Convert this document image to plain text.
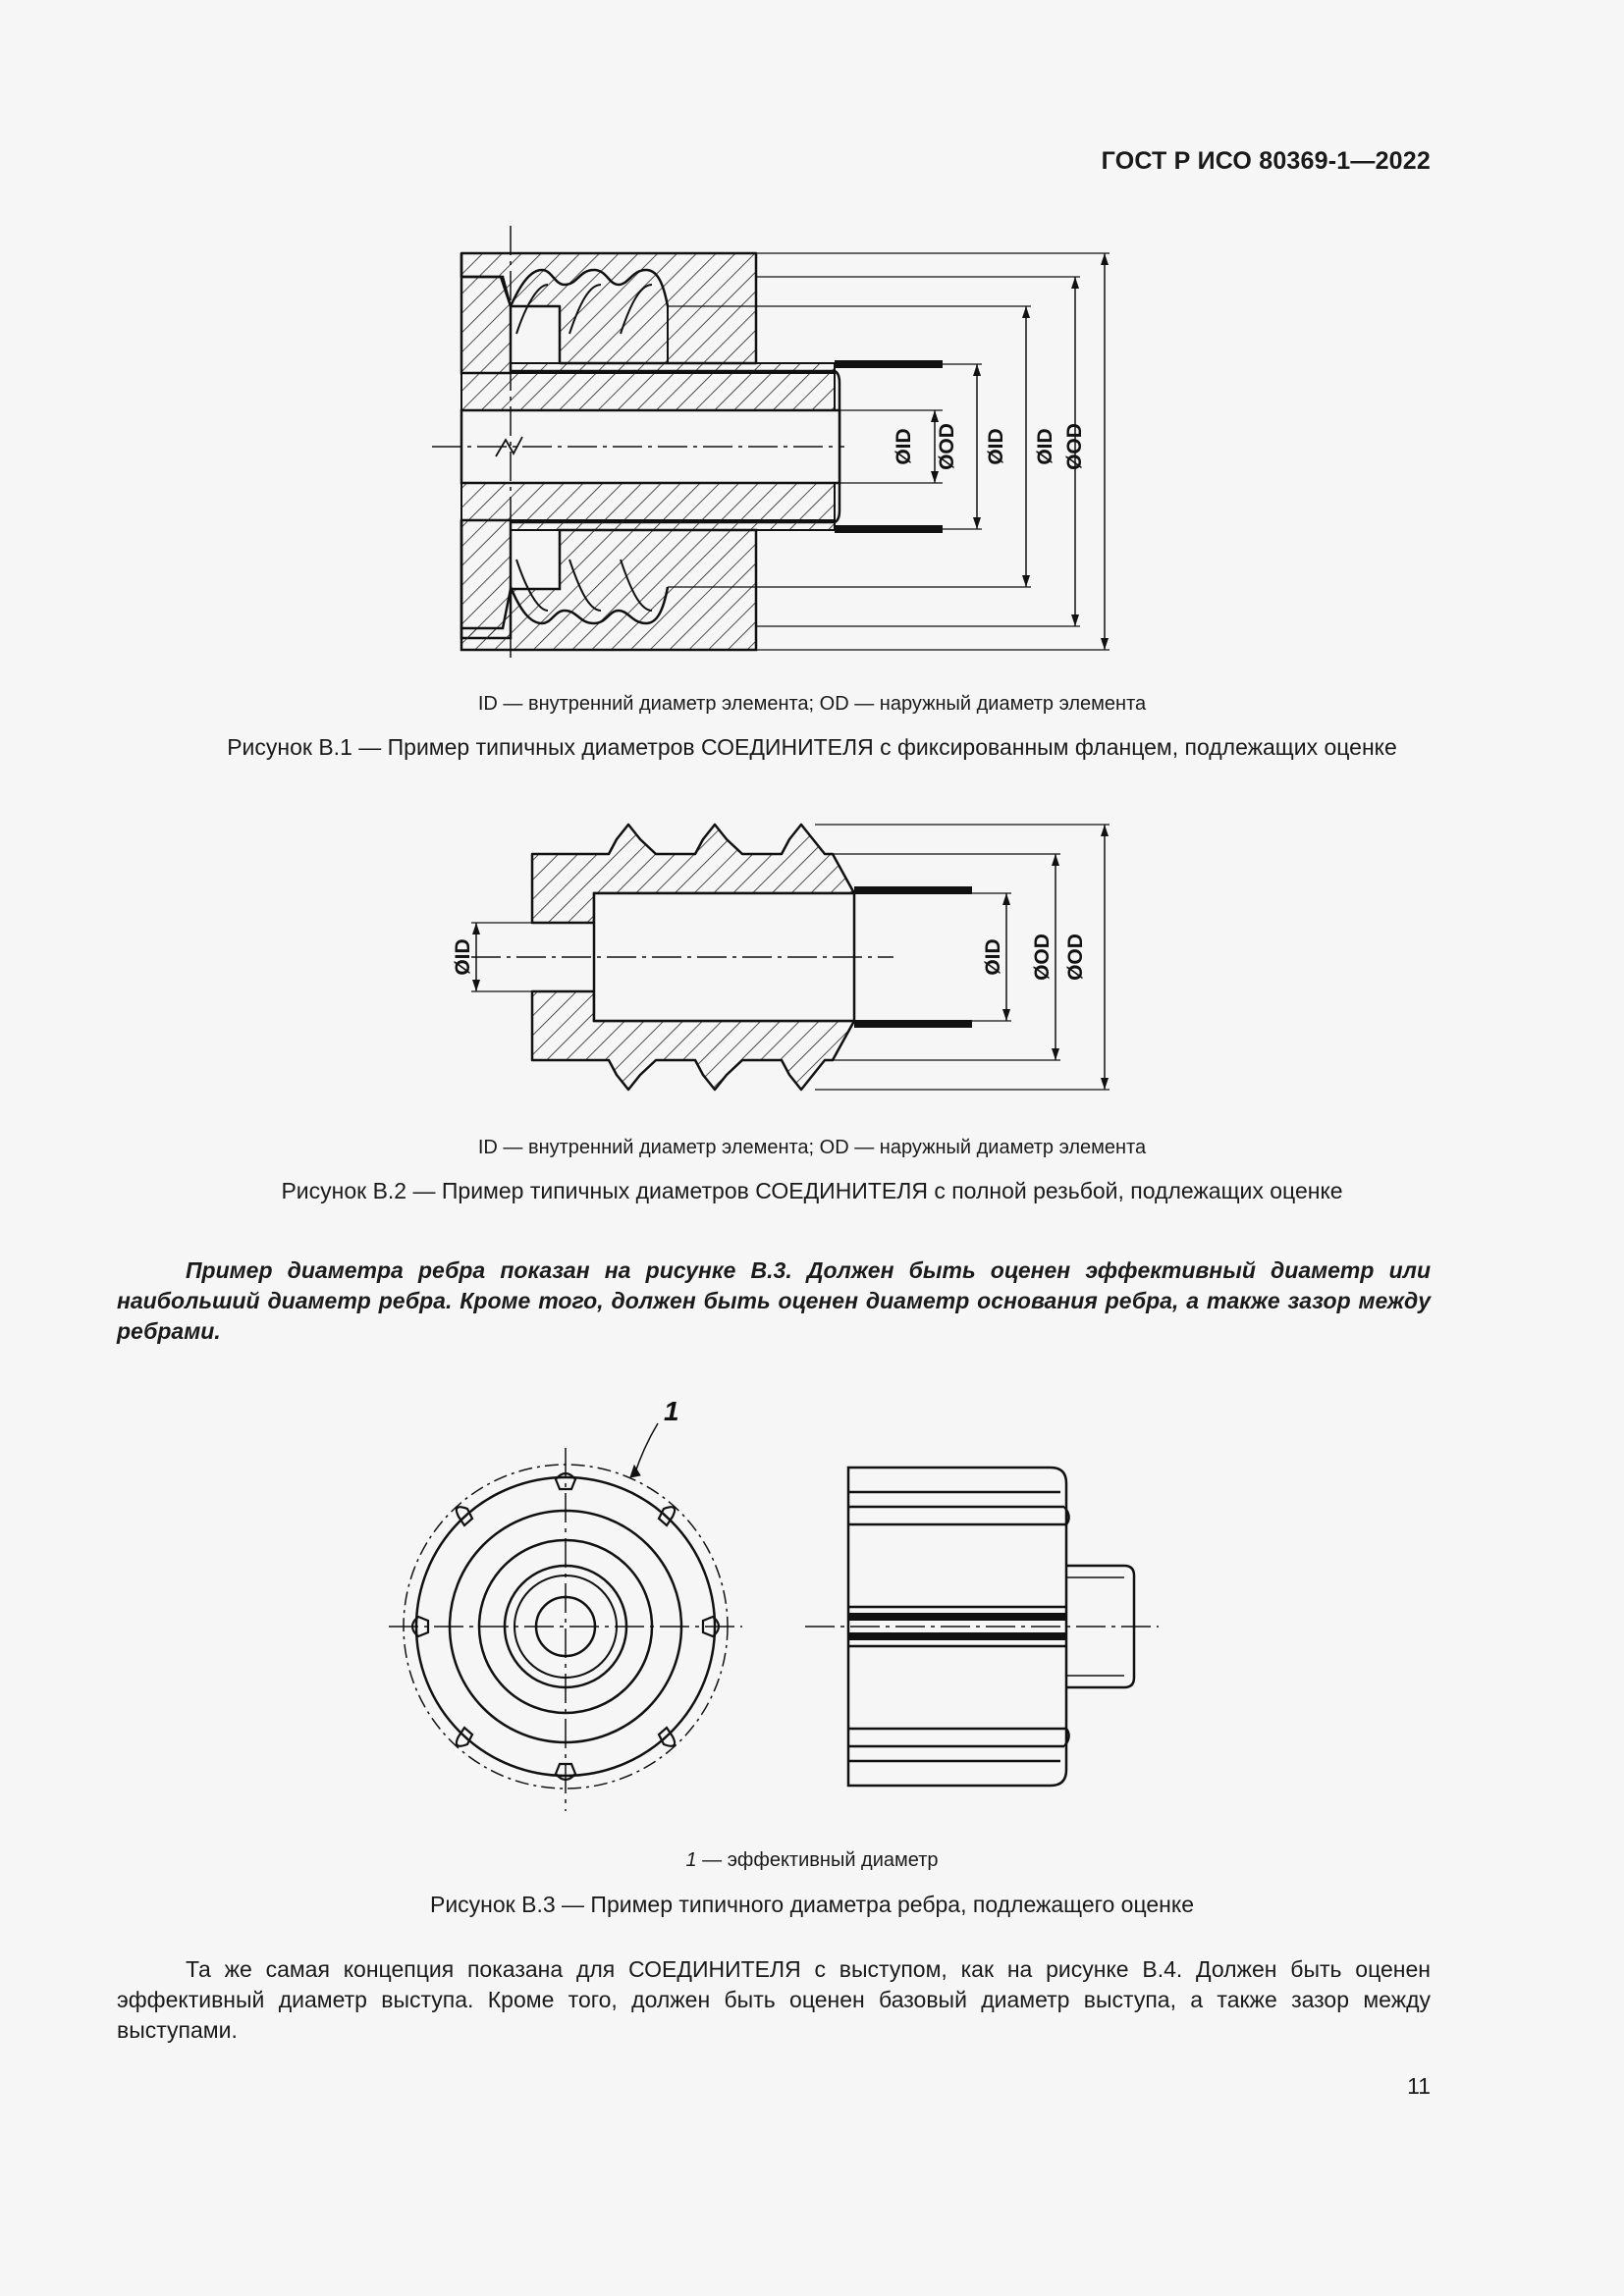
ГОСТ Р ИСО 80369-1—2022
ØID ØOD ØID ØID ØOD
ID — внутренний диаметр элемента; OD — наружный диаметр элемента
Рисунок B.1 — Пример типичных диаметров СОЕДИНИТЕЛЯ с фиксированным фланцем, подлежащих оценке
ØID	ØID ØOD ØOD
ID — внутренний диаметр элемента; OD — наружный диаметр элемента
Рисунок B.2 — Пример типичных диаметров СОЕДИНИТЕЛЯ с полной резьбой, подлежащих оценке
Пример диаметра ребра показан на рисунке В.3. Должен быть оценен эффективный диаметр или наибольший диаметр ребра. Кроме того, должен быть оценен диаметр основания ребра, а также зазор между ребрами.
1
1 — эффективный диаметр
Рисунок B.3 — Пример типичного диаметра ребра, подлежащего оценке
Та же самая концепция показана для СОЕДИНИТЕЛЯ с выступом, как на рисунке В.4. Должен быть оценен эффективный диаметр выступа. Кроме того, должен быть оценен базовый диаметр выступа, а также зазор между выступами.
11
